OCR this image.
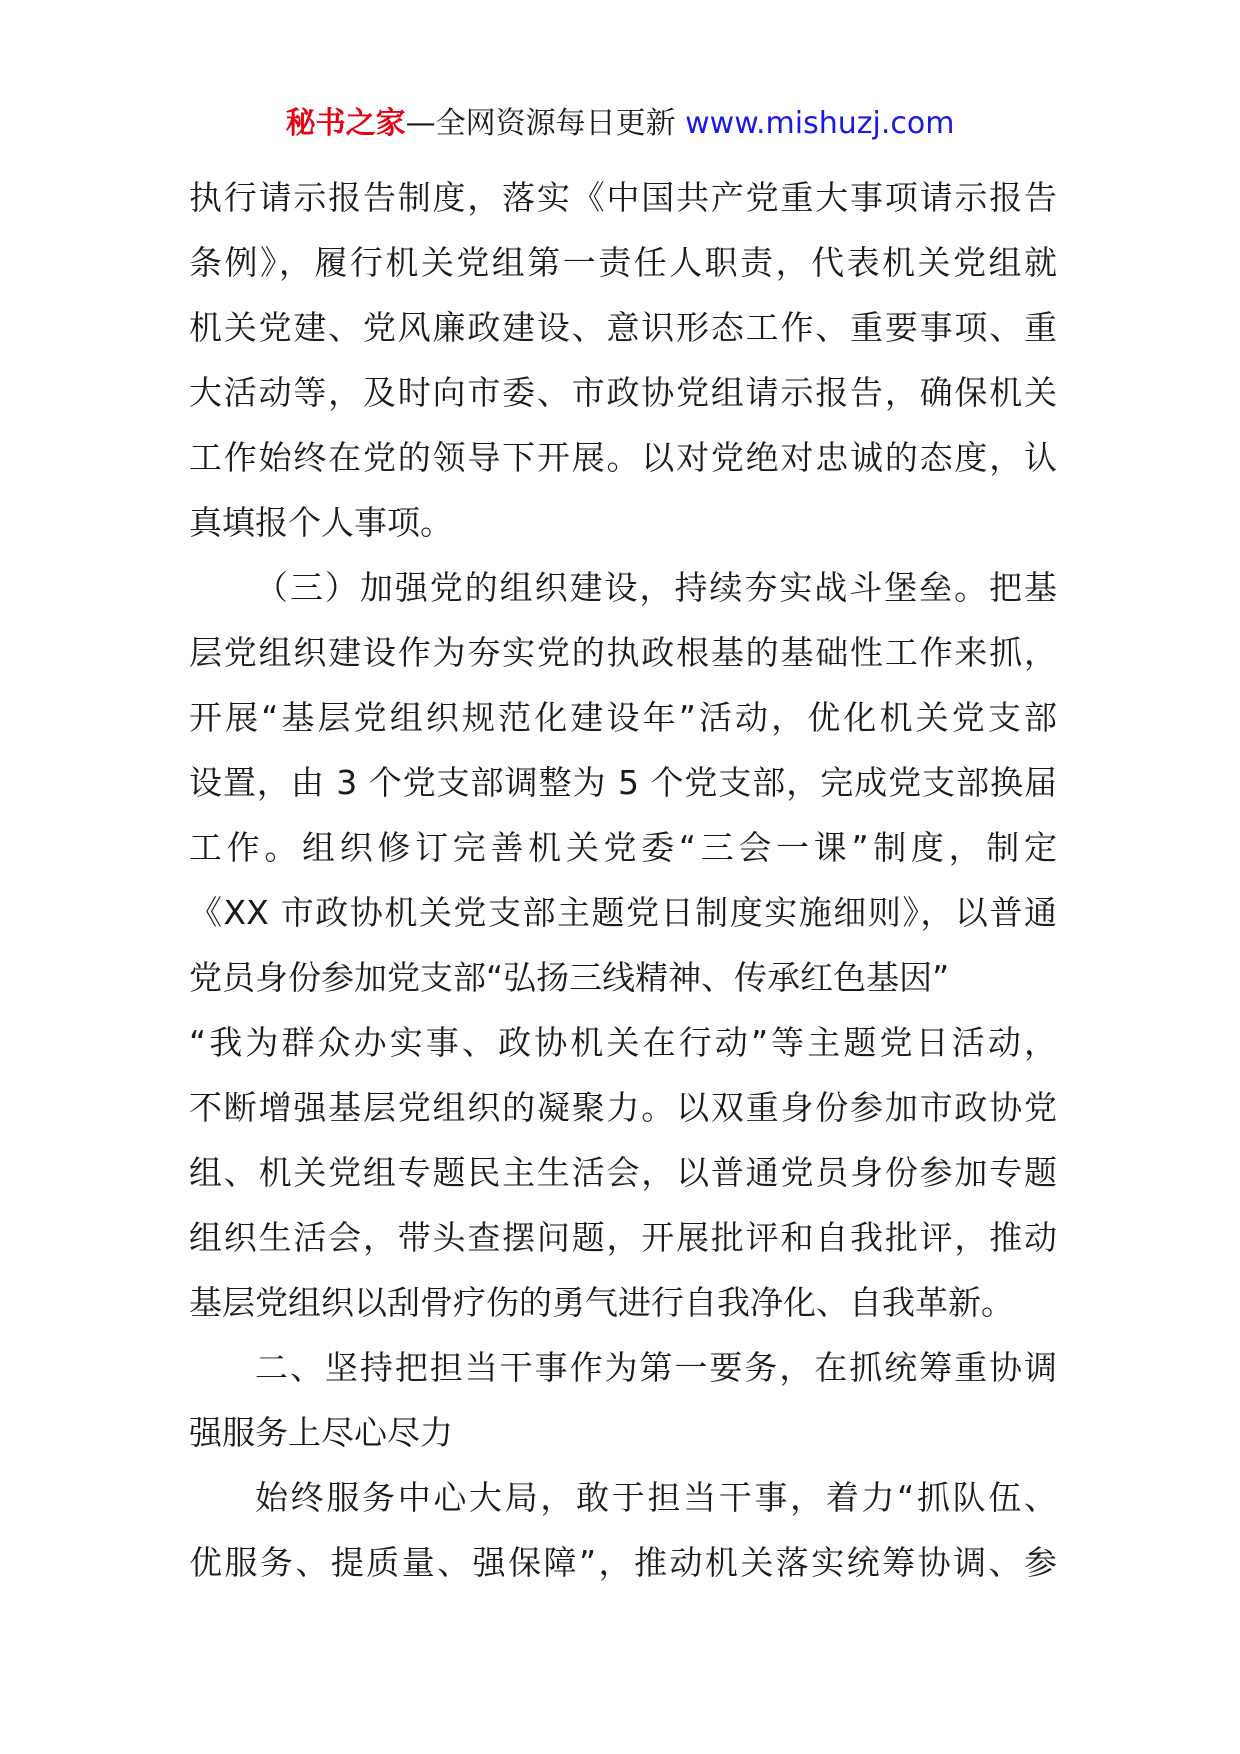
秘书之家—全网资源每日更新 www.mishuzj.com
执行请示报告制度，落实《中国共产党重大事项请示报告
条例》，履行机关党组第一责任人职责，代表机关党组就
机关党建、党风廉政建设、意识形态工作、重要事项、重
大活动等，及时向市委、市政协党组请示报告，确保机关
工作始终在党的领导下开展。以对党绝对忠诚的态度，认
真填报个人事项。
（三）加强党的组织建设，持续夯实战斗堡垒。把基
层党组织建设作为夯实党的执政根基的基础性工作来抓，
开展“基层党组织规范化建设年”活动，优化机关党支部
设置，由 3 个党支部调整为 5 个党支部，完成党支部换届
工作。组织修订完善机关党委“三会一课”制度，制定
《XX 市政协机关党支部主题党日制度实施细则》，以普通
党员身份参加党支部“弘扬三线精神、传承红色基因”
“我为群众办实事、政协机关在行动”等主题党日活动，
不断增强基层党组织的凝聚力。以双重身份参加市政协党
组、机关党组专题民主生活会，以普通党员身份参加专题
组织生活会，带头查摆问题，开展批评和自我批评，推动
基层党组织以刮骨疗伤的勇气进行自我净化、自我革新。
二、坚持把担当干事作为第一要务，在抓统筹重协调
强服务上尽心尽力
始终服务中心大局，敢于担当干事，着力“抓队伍、
优服务、提质量、强保障”，推动机关落实统筹协调、参
